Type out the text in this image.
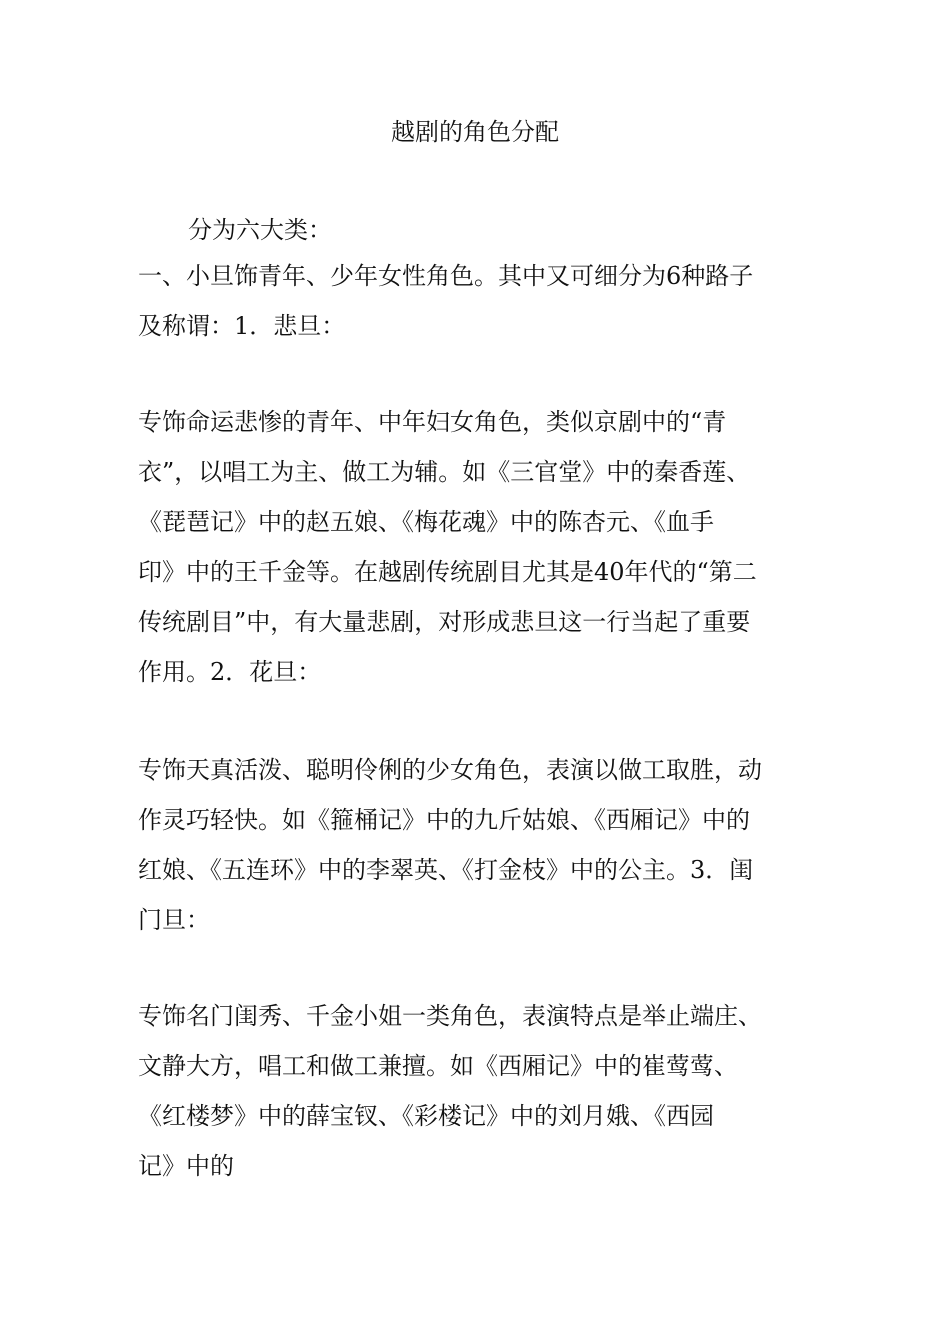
越剧的角色分配
分为六大类：
一、小旦饰青年、少年女性角色。其中又可细分为6种路子
及称谓：1．悲旦：
专饰命运悲惨的青年、中年妇女角色，类似京剧中的“青
衣”，以唱工为主、做工为辅。如《三官堂》中的秦香莲、
《琵琶记》中的赵五娘、《梅花魂》中的陈杏元、《血手
印》中的王千金等。在越剧传统剧目尤其是40年代的“第二
传统剧目”中，有大量悲剧，对形成悲旦这一行当起了重要
作用。2．花旦：
专饰天真活泼、聪明伶俐的少女角色，表演以做工取胜，动
作灵巧轻快。如《箍桶记》中的九斤姑娘、《西厢记》中的
红娘、《五连环》中的李翠英、《打金枝》中的公主。3．闺
门旦：
专饰名门闺秀、千金小姐一类角色，表演特点是举止端庄、
文静大方，唱工和做工兼擅。如《西厢记》中的崔莺莺、
《红楼梦》中的薛宝钗、《彩楼记》中的刘月娥、《西园
记》中的
